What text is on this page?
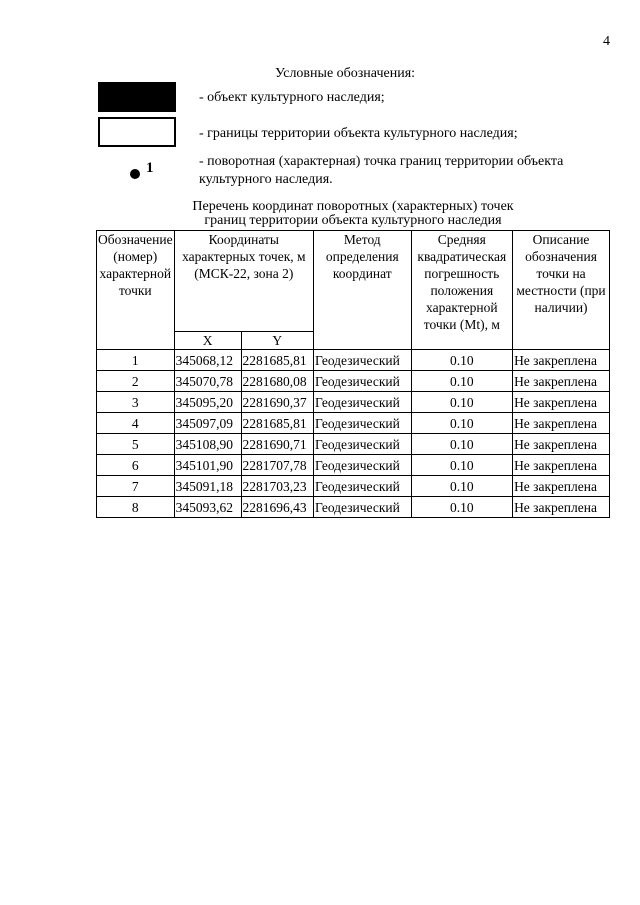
4
Условные обозначения:
- объект культурного наследия;
- границы территории объекта культурного наследия;
1	- поворотная (характерная) точка границ территории объекта
культурного наследия.
Перечень координат поворотных (характерных) точек
границ территории объекта культурного наследия
Обозначение (номер) характерной точки	Координаты характерных точек, м (МСК-22, зона 2)		Метод определения координат	Средняя квадратическая погрешность положения характерной точки (Mt), м	Описание обозначения точки на местности (при наличии)
	X	Y			
1	345068,12	2281685,81	Геодезический	0.10	Не закреплена
2	345070,78	2281680,08	Геодезический	0.10	Не закреплена
3	345095,20	2281690,37	Геодезический	0.10	Не закреплена
4	345097,09	2281685,81	Геодезический	0.10	Не закреплена
5	345108,90	2281690,71	Геодезический	0.10	Не закреплена
6	345101,90	2281707,78	Геодезический	0.10	Не закреплена
7	345091,18	2281703,23	Геодезический	0.10	Не закреплена
8	345093,62	2281696,43	Геодезический	0.10	Не закреплена
